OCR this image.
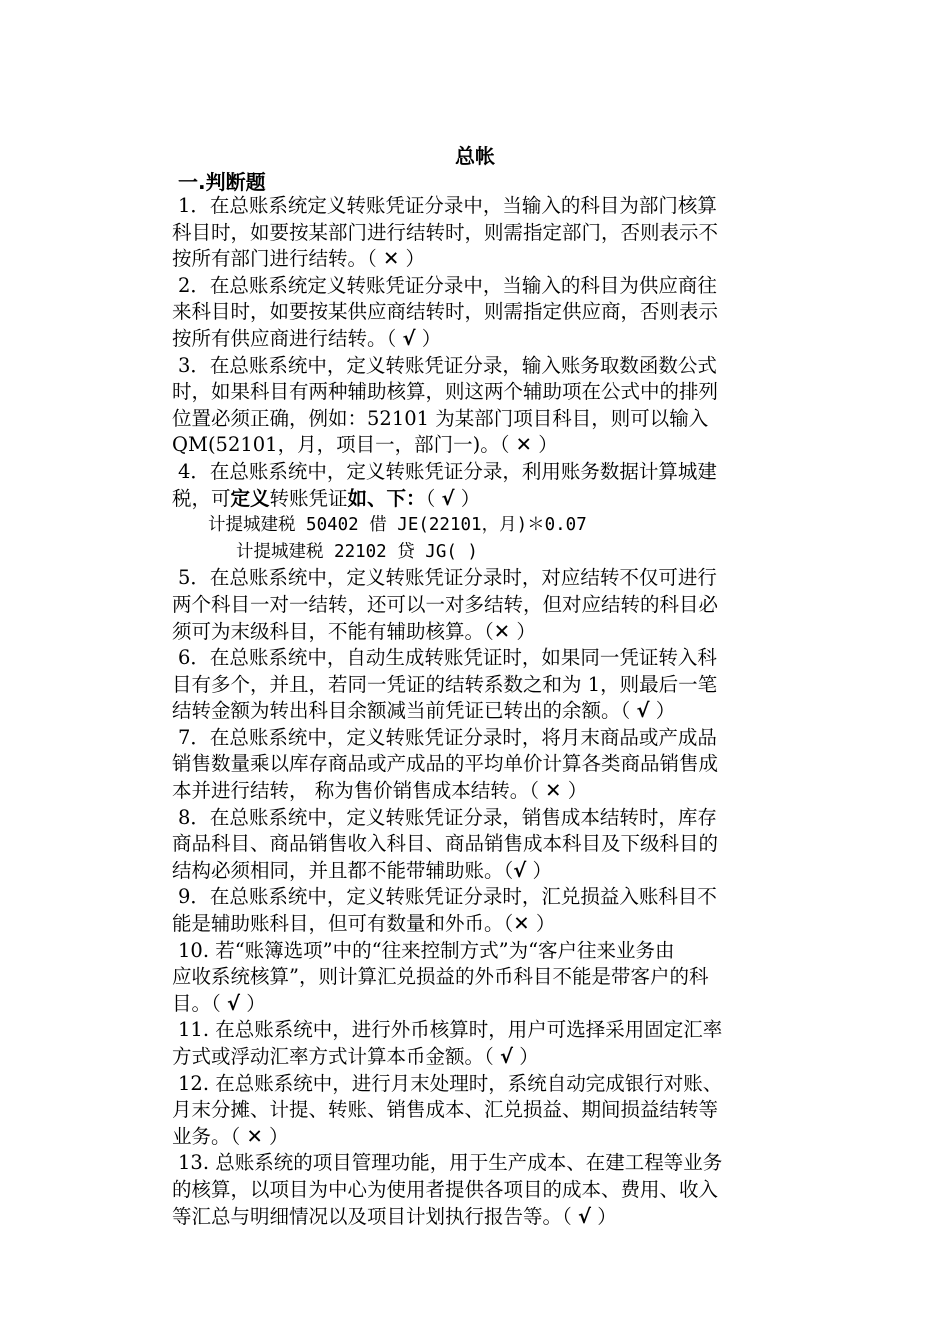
总帐
一.判断题
1．在总账系统定义转账凭证分录中，当输入的科目为部门核算
科目时，如要按某部门进行结转时，则需指定部门，否则表示不
按所有部门进行结转。（ ✕ ）
2．在总账系统定义转账凭证分录中，当输入的科目为供应商往
来科目时，如要按某供应商结转时，则需指定供应商，否则表示
按所有供应商进行结转。（ √ ）
3．在总账系统中，定义转账凭证分录，输入账务取数函数公式
时，如果科目有两种辅助核算，则这两个辅助项在公式中的排列
位置必须正确，例如：52101 为某部门项目科目，则可以输入
QM(52101，月，项目一，部门一)。（ ✕ ）
4．在总账系统中，定义转账凭证分录，利用账务数据计算城建
税，可定义转账凭证如、下：（ √ ）
计提城建税 50402 借 JE(22101，月)＊0.07
计提城建税 22102 贷 JG( )
5．在总账系统中，定义转账凭证分录时，对应结转不仅可进行
两个科目一对一结转，还可以一对多结转，但对应结转的科目必
须可为末级科目，不能有辅助核算。（✕ ）
6．在总账系统中，自动生成转账凭证时，如果同一凭证转入科
目有多个，并且，若同一凭证的结转系数之和为 1，则最后一笔
结转金额为转出科目余额减当前凭证已转出的余额。（ √ ）
7．在总账系统中，定义转账凭证分录时，将月末商品或产成品
销售数量乘以库存商品或产成品的平均单价计算各类商品销售成
本并进行结转， 称为售价销售成本结转。（ ✕ ）
8．在总账系统中，定义转账凭证分录，销售成本结转时，库存
商品科目、商品销售收入科目、商品销售成本科目及下级科目的
结构必须相同，并且都不能带辅助账。（√ ）
9．在总账系统中，定义转账凭证分录时，汇兑损益入账科目不
能是辅助账科目，但可有数量和外币。（✕ ）
10. 若“账簿选项”中的“往来控制方式”为“客户往来业务由
应收系统核算”，则计算汇兑损益的外币科目不能是带客户的科
目。（ √ ）
11. 在总账系统中，进行外币核算时，用户可选择采用固定汇率
方式或浮动汇率方式计算本币金额。（ √ ）
12. 在总账系统中，进行月末处理时，系统自动完成银行对账、
月末分摊、计提、转账、销售成本、汇兑损益、期间损益结转等
业务。（ ✕ ）
13. 总账系统的项目管理功能，用于生产成本、在建工程等业务
的核算，以项目为中心为使用者提供各项目的成本、费用、收入
等汇总与明细情况以及项目计划执行报告等。（ √ ）
